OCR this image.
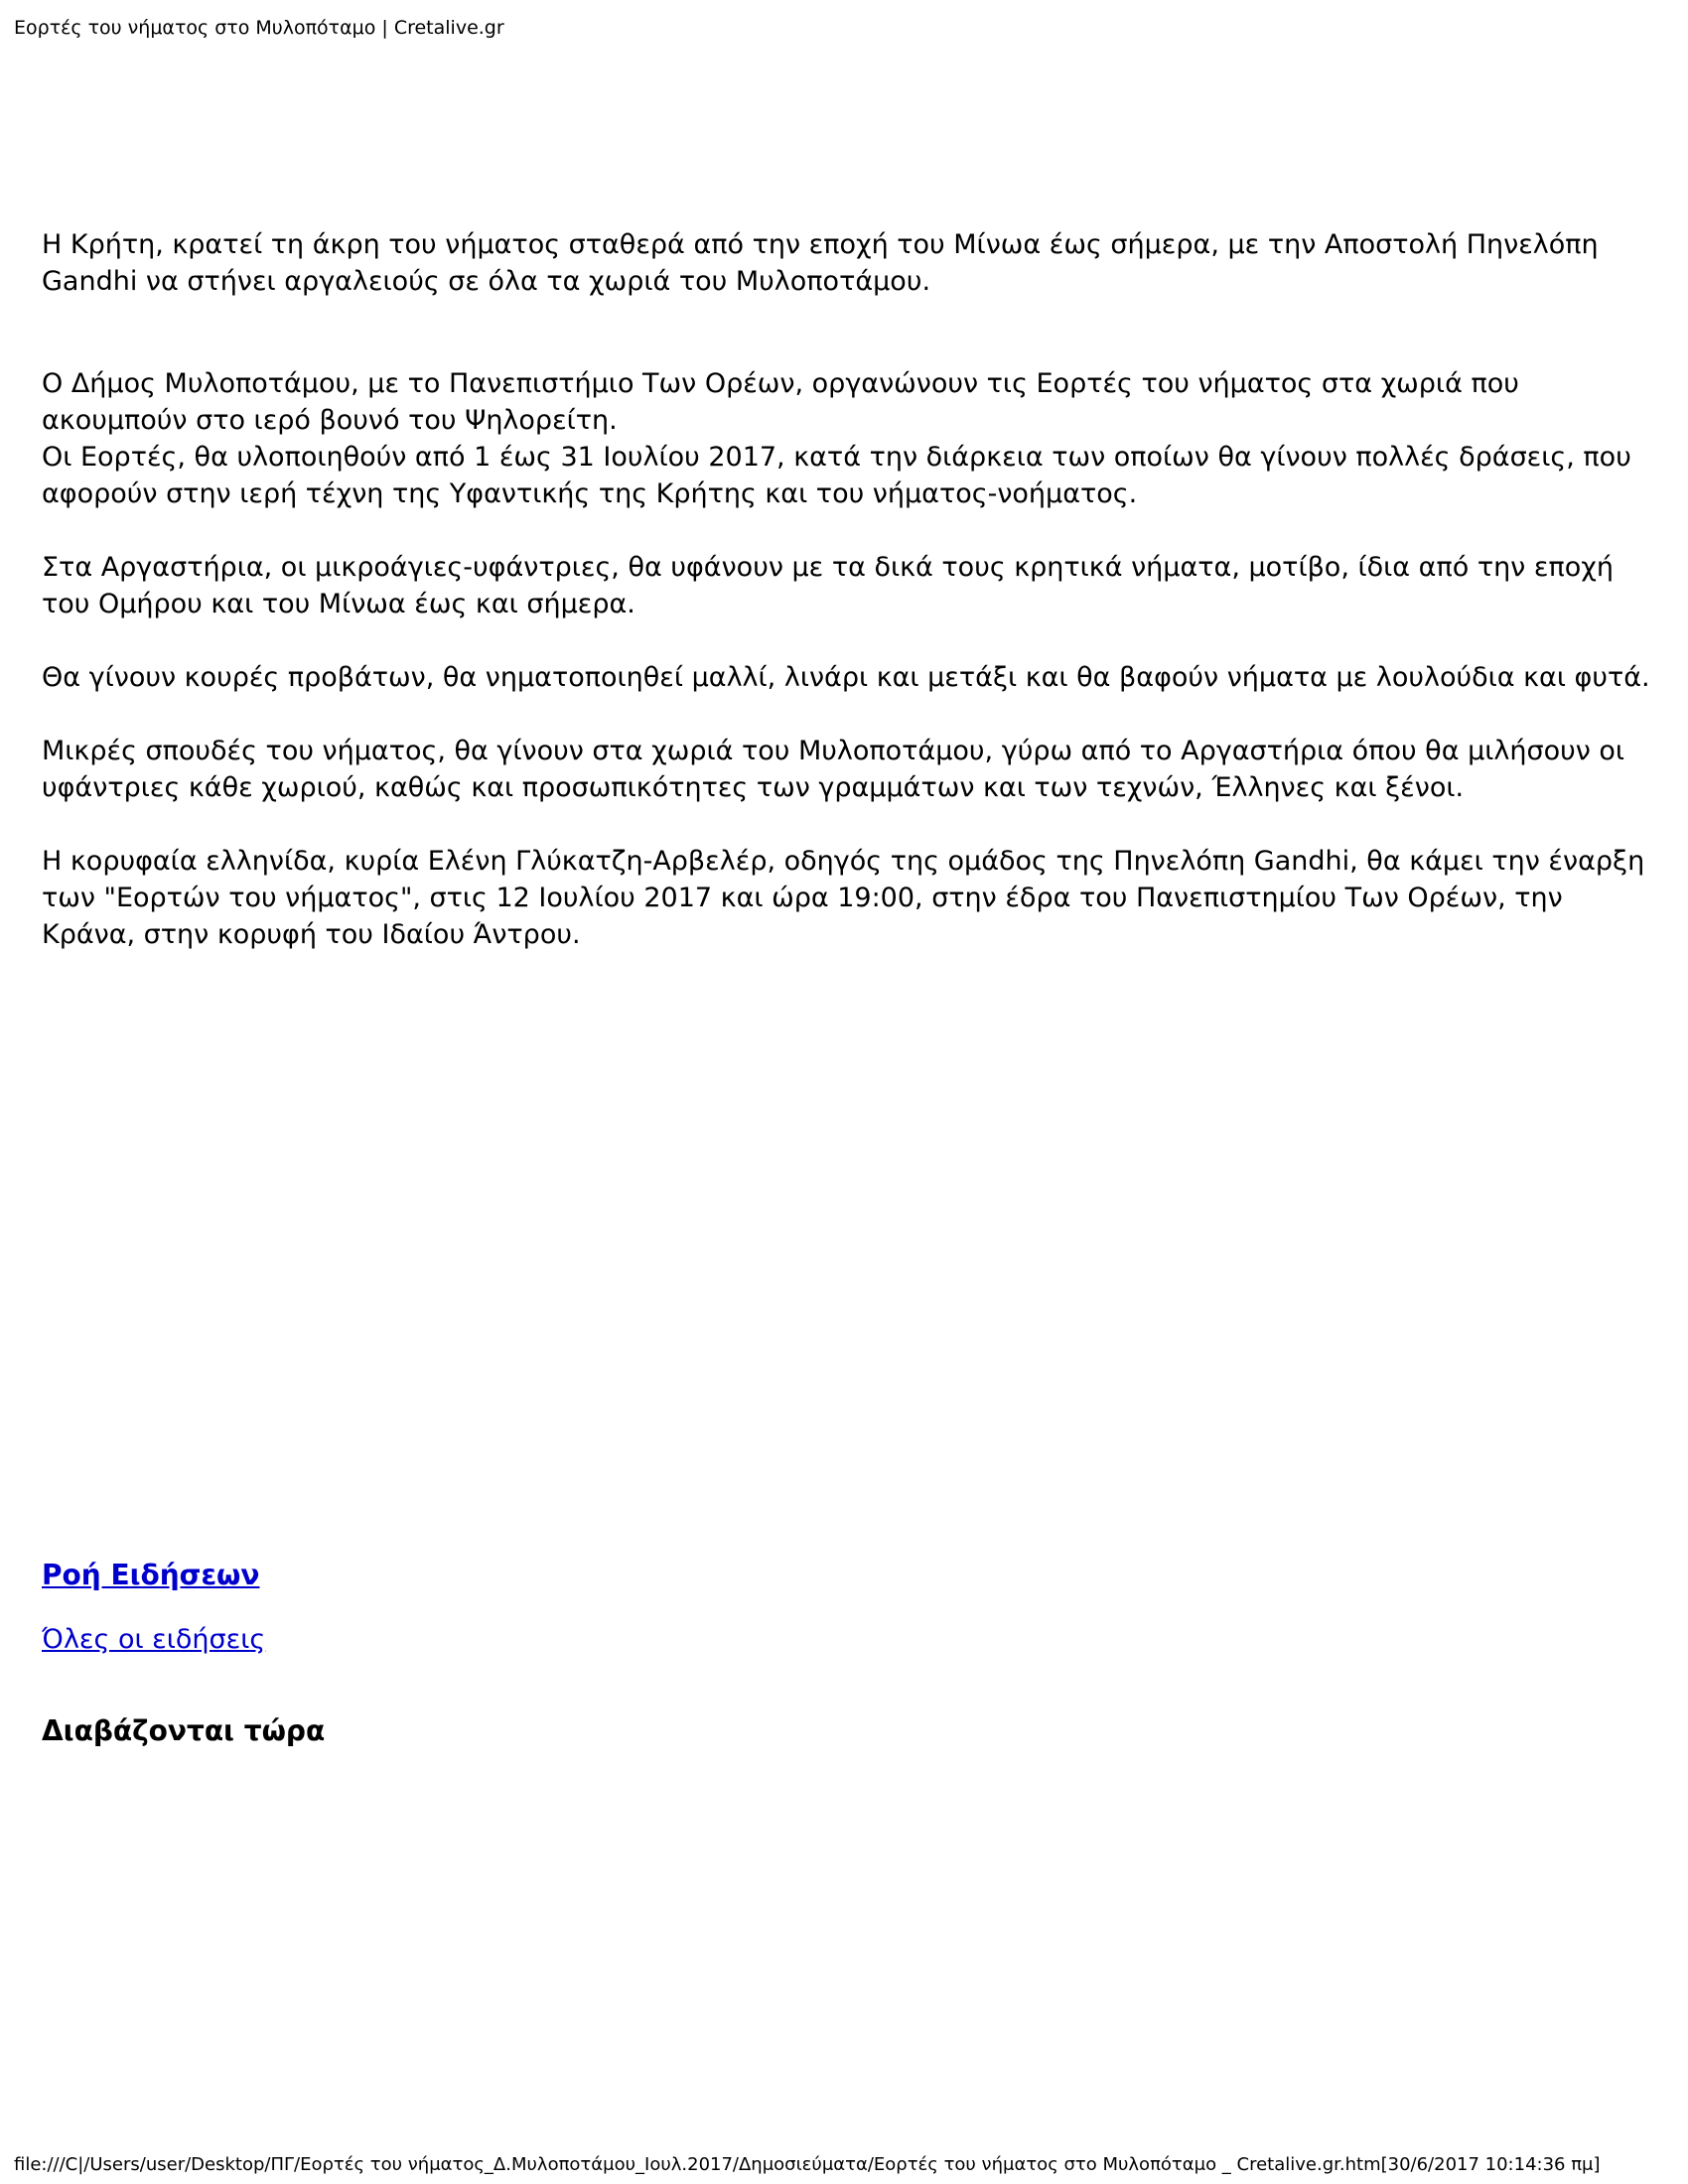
Εορτές του νήματος στο Μυλοπόταμο | Cretalive.gr

Η Κρήτη, κρατεί τη άκρη του νήματος σταθερά από την εποχή του Μίνωα έως σήμερα, με την Αποστολή Πηνελόπη Gandhi να στήνει αργαλειούς σε όλα τα χωριά του Μυλοποτάμου.

Ο Δήμος Μυλοποτάμου, με το Πανεπιστήμιο Των Ορέων, οργανώνουν τις Εορτές του νήματος στα χωριά που ακουμπούν στο ιερό βουνό του Ψηλορείτη.

Οι Εορτές, θα υλοποιηθούν από 1 έως 31 Ιουλίου 2017, κατά την διάρκεια των οποίων θα γίνουν πολλές δράσεις, που αφορούν στην ιερή τέχνη της Υφαντικής της Κρήτης και του νήματος-νοήματος.

Στα Αργαστήρια, οι μικροάγιες-υφάντριες, θα υφάνουν με τα δικά τους κρητικά νήματα, μοτίβο, ίδια από την εποχή του Ομήρου και του Μίνωα έως και σήμερα.

Θα γίνουν κουρές προβάτων, θα νηματοποιηθεί μαλλί, λινάρι και μετάξι και θα βαφούν νήματα με λουλούδια και φυτά.

Μικρές σπουδές του νήματος, θα γίνουν στα χωριά του Μυλοποτάμου, γύρω από το Αργαστήρια όπου θα μιλήσουν οι υφάντριες κάθε χωριού, καθώς και προσωπικότητες των γραμμάτων και των τεχνών, Έλληνες και ξένοι.

Η κορυφαία ελληνίδα, κυρία Ελένη Γλύκατζη-Αρβελέρ, οδηγός της ομάδος της Πηνελόπη Gandhi, θα κάμει την έναρξη των "Εορτών του νήματος", στις 12 Ιουλίου 2017 και ώρα 19:00, στην έδρα του Πανεπιστημίου Των Ορέων, την Κράνα, στην κορυφή του Ιδαίου Άντρου.

Ροή Ειδήσεων
Όλες οι ειδήσεις
Διαβάζονται τώρα
file:///C|/Users/user/Desktop/ΠΓ/Εορτές του νήματος_Δ.Μυλοποτάμου_Ιουλ.2017/Δημοσιεύματα/Εορτές του νήματος στο Μυλοπόταμο _ Cretalive.gr.htm[30/6/2017 10:14:36 πμ]
